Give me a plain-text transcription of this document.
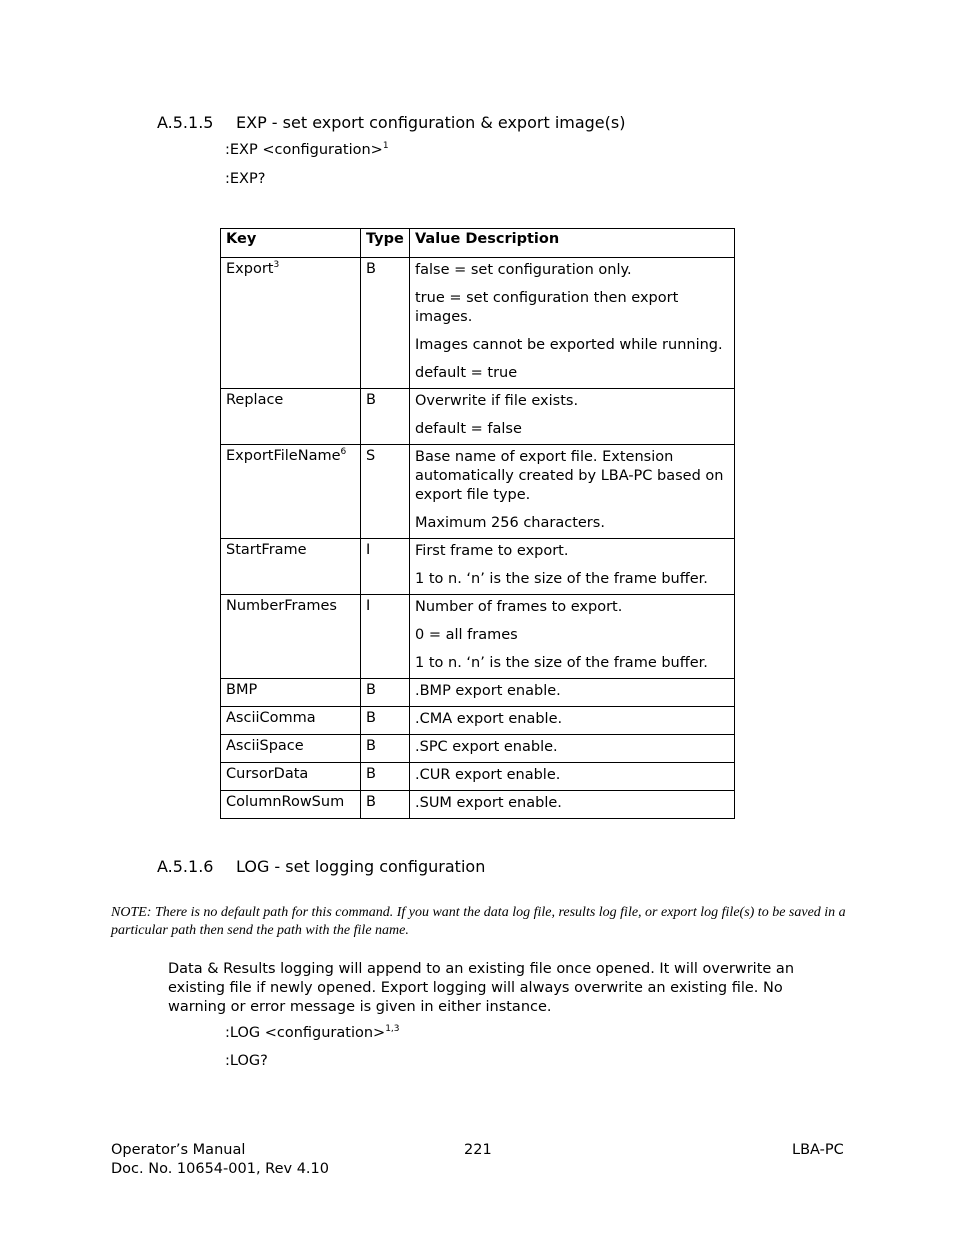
A.5.1.5 EXP - set export configuration & export image(s)
:EXP <configuration>$^1$
:EXP?
Key	Type	Value Description
Export$^3$	B	false = set configuration only.

true = set configuration then export images.

Images cannot be exported while running.

default = true

Replace	B	Overwrite if file exists.

default = false

ExportFileName$^6$	S	Base name of export file. Extension automatically created by LBA-PC based on export file type.

Maximum 256 characters.

StartFrame	I	First frame to export.

1 to n. ‘n’ is the size of the frame buffer.

NumberFrames	I	Number of frames to export.

0 = all frames

1 to n. ‘n’ is the size of the frame buffer.

BMP	B	.BMP export enable.

AsciiComma	B	.CMA export enable.

AsciiSpace	B	.SPC export enable.

CursorData	B	.CUR export enable.

ColumnRowSum	B	.SUM export enable.

A.5.1.6 LOG - set logging configuration
NOTE: There is no default path for this command. If you want the data log file, results log file, or export log file(s) to be saved in a particular path then send the path with the file name.
Data & Results logging will append to an existing file once opened. It will overwrite an existing file if newly opened. Export logging will always overwrite an existing file. No warning or error message is given in either instance.
:LOG <configuration>$^{1,3}$
:LOG?
Operator’s Manual
Doc. No. 10654-001, Rev 4.10
221	LBA-PC
